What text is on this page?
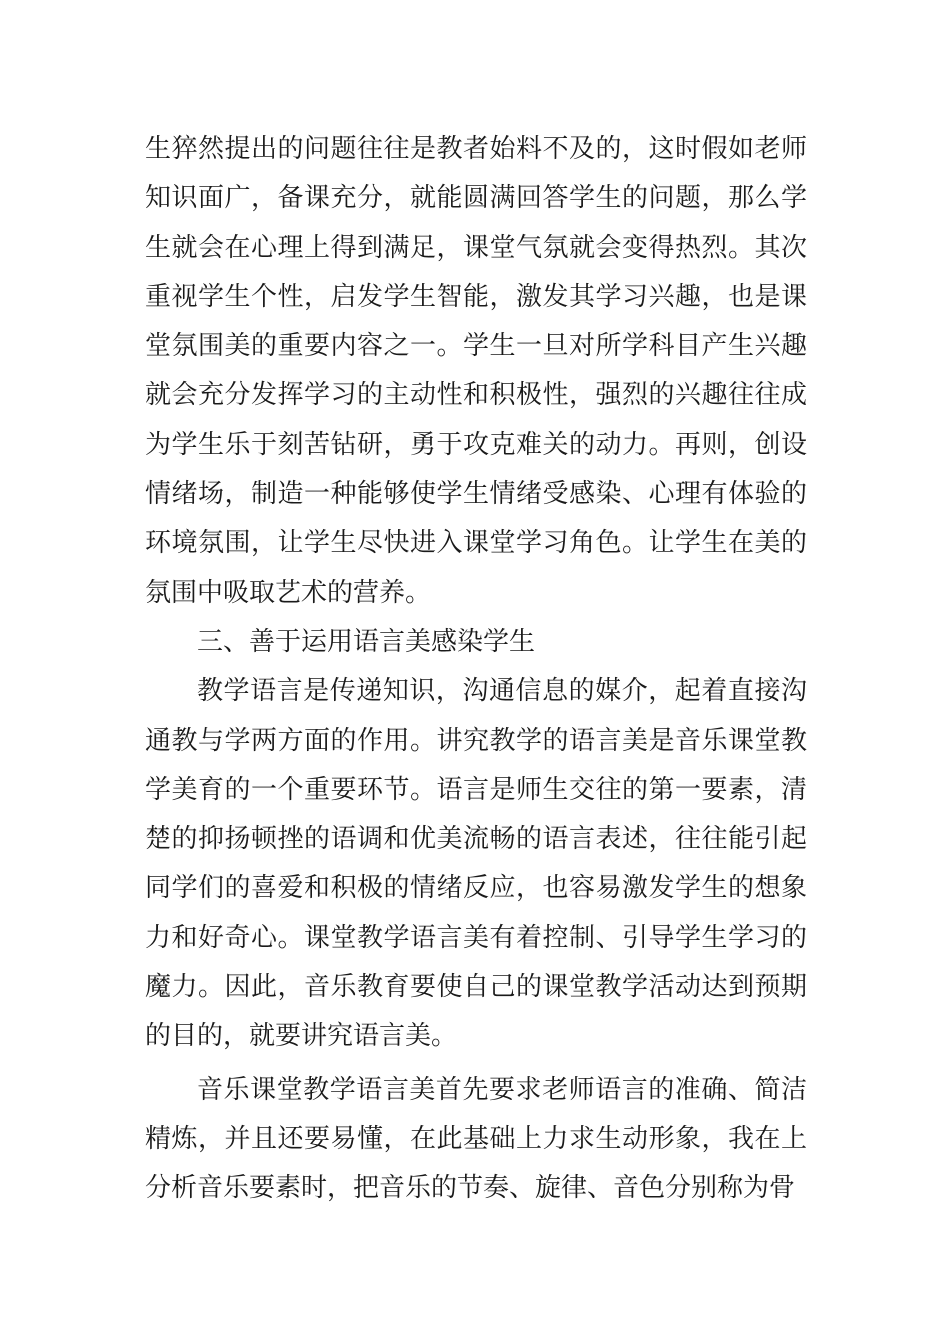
生猝然提出的问题往往是教者始料不及的，这时假如老师知识面广，备课充分，就能圆满回答学生的问题，那么学生就会在心理上得到满足，课堂气氛就会变得热烈。其次重视学生个性，启发学生智能，激发其学习兴趣，也是课堂氛围美的重要内容之一。学生一旦对所学科目产生兴趣就会充分发挥学习的主动性和积极性，强烈的兴趣往往成为学生乐于刻苦钻研，勇于攻克难关的动力。再则，创设情绪场，制造一种能够使学生情绪受感染、心理有体验的环境氛围，让学生尽快进入课堂学习角色。让学生在美的氛围中吸取艺术的营养。

三、善于运用语言美感染学生

教学语言是传递知识，沟通信息的媒介，起着直接沟通教与学两方面的作用。讲究教学的语言美是音乐课堂教学美育的一个重要环节。语言是师生交往的第一要素，清楚的抑扬顿挫的语调和优美流畅的语言表述，往往能引起同学们的喜爱和积极的情绪反应，也容易激发学生的想象力和好奇心。课堂教学语言美有着控制、引导学生学习的魔力。因此，音乐教育要使自己的课堂教学活动达到预期的目的，就要讲究语言美。

音乐课堂教学语言美首先要求老师语言的准确、简洁精炼，并且还要易懂，在此基础上力求生动形象，我在上分析音乐要素时，把音乐的节奏、旋律、音色分别称为骨
